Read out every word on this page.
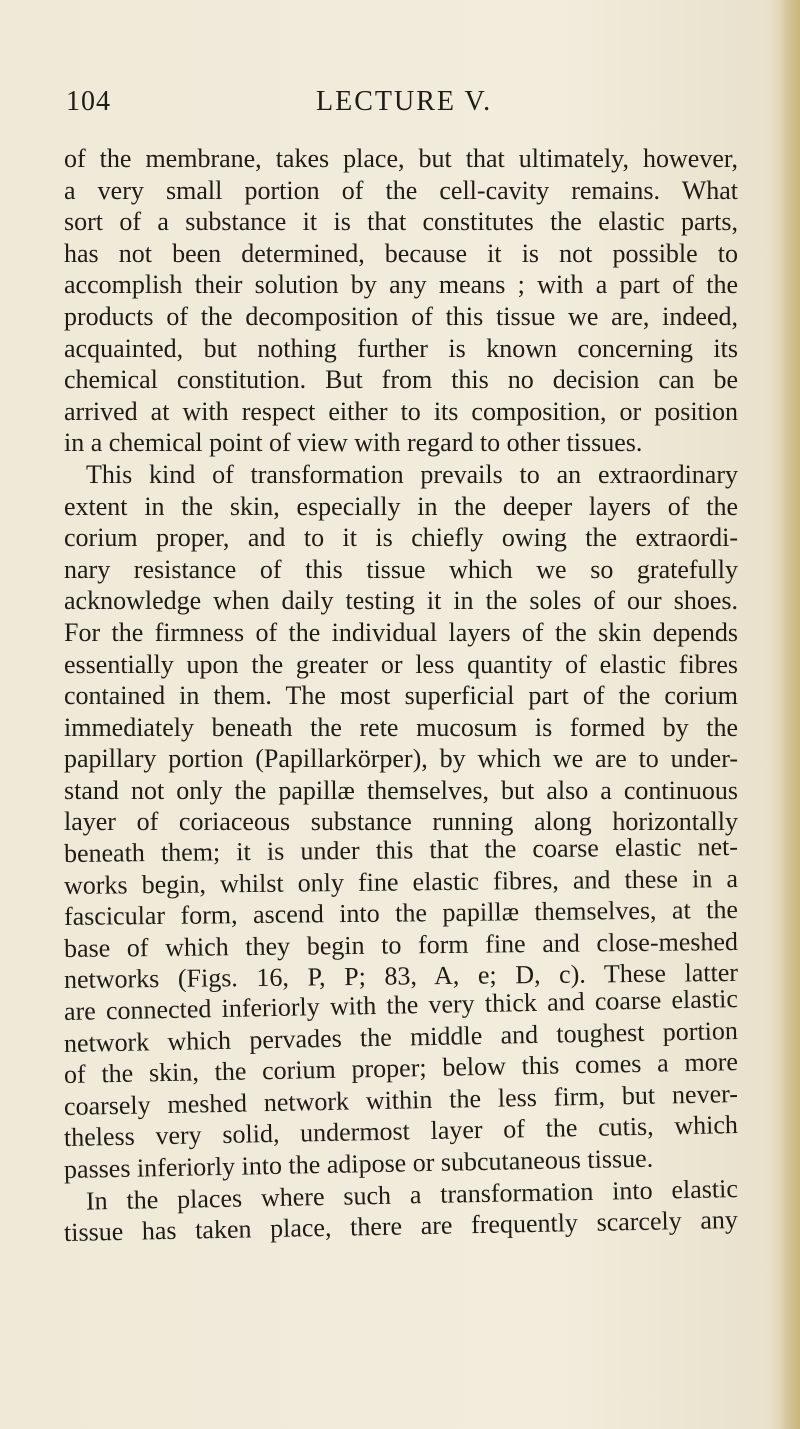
104	LECTURE V.
of the membrane, takes place, but that ultimately, however,
a very small portion of the cell-cavity remains. What
sort of a substance it is that constitutes the elastic parts,
has not been determined, because it is not possible to
accomplish their solution by any means ; with a part of the
products of the decomposition of this tissue we are, indeed,
acquainted, but nothing further is known concerning its
chemical constitution. But from this no decision can be
arrived at with respect either to its composition, or position
in a chemical point of view with regard to other tissues.
This kind of transformation prevails to an extraordinary
extent in the skin, especially in the deeper layers of the
corium proper, and to it is chiefly owing the extraordi-
nary resistance of this tissue which we so gratefully
acknowledge when daily testing it in the soles of our shoes.
For the firmness of the individual layers of the skin depends
essentially upon the greater or less quantity of elastic fibres
contained in them. The most superficial part of the corium
immediately beneath the rete mucosum is formed by the
papillary portion (Papillarkörper), by which we are to under-
stand not only the papillæ themselves, but also a continuous
layer of coriaceous substance running along horizontally
beneath them; it is under this that the coarse elastic net-
works begin, whilst only fine elastic fibres, and these in a
fascicular form, ascend into the papillæ themselves, at the
base of which they begin to form fine and close-meshed
networks (Figs. 16, P, P; 83, A, e; D, c). These latter
are connected inferiorly with the very thick and coarse elastic
network which pervades the middle and toughest portion
of the skin, the corium proper; below this comes a more
coarsely meshed network within the less firm, but never-
theless very solid, undermost layer of the cutis, which
passes inferiorly into the adipose or subcutaneous tissue.
In the places where such a transformation into elastic
tissue has taken place, there are frequently scarcely any
